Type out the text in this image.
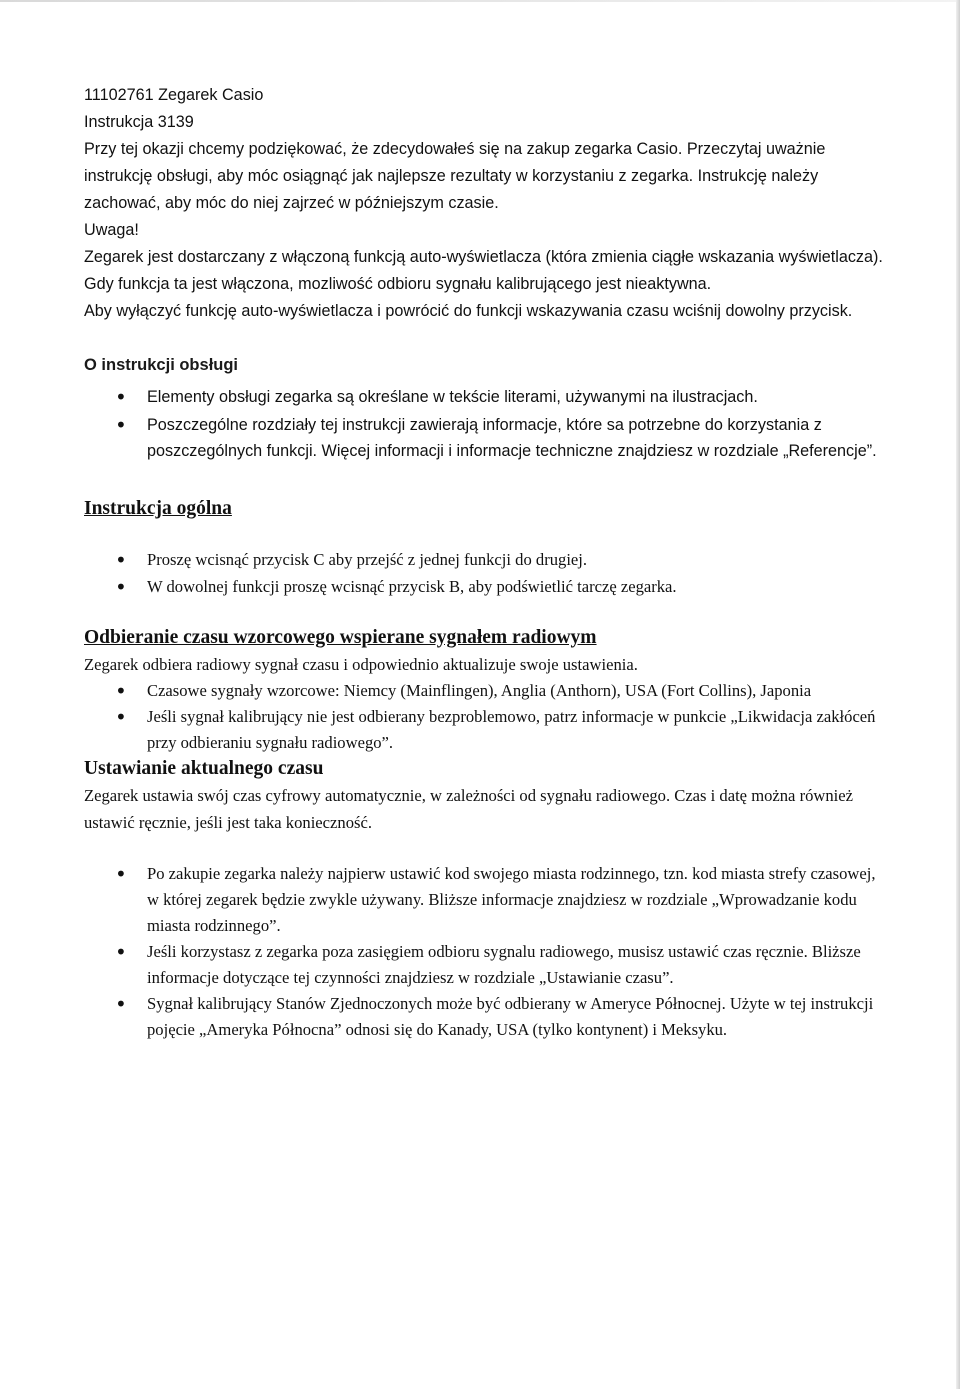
11102761 Zegarek Casio

Instrukcja 3139

Przy tej okazji chcemy podziękować, że zdecydowałeś się na zakup zegarka Casio. Przeczytaj uważnie instrukcję obsługi, aby móc osiągnąć jak najlepsze rezultaty w korzystaniu z zegarka. Instrukcję należy zachować, aby móc do niej zajrzeć w późniejszym czasie.

Uwaga!

Zegarek jest dostarczany z włączoną funkcją auto-wyświetlacza (która zmienia ciągłe wskazania wyświetlacza). Gdy funkcja ta jest włączona, mozliwość odbioru sygnału kalibrującego jest nieaktywna.

Aby wyłączyć funkcję auto-wyświetlacza i powrócić do funkcji wskazywania czasu wciśnij dowolny przycisk.

O instrukcji obsługi

• Elementy obsługi zegarka są określane w tekście literami, używanymi na ilustracjach.
• Poszczególne rozdziały tej instrukcji zawierają informacje, które sa potrzebne do korzystania z poszczególnych funkcji. Więcej informacji i informacje techniczne znajdziesz w rozdziale „Referencje”.

Instrukcja ogólna

• Proszę wcisnąć przycisk C aby przejść z jednej funkcji do drugiej.
• W dowolnej funkcji proszę wcisnąć przycisk B, aby podświetlić tarczę zegarka.

Odbieranie czasu wzorcowego wspierane sygnałem radiowym

Zegarek odbiera radiowy sygnał czasu i odpowiednio aktualizuje swoje ustawienia.

• Czasowe sygnały wzorcowe: Niemcy (Mainflingen), Anglia (Anthorn), USA (Fort Collins), Japonia
• Jeśli sygnał kalibrujący nie jest odbierany bezproblemowo, patrz informacje w punkcie „Likwidacja zakłóceń przy odbieraniu sygnału radiowego”.

Ustawianie aktualnego czasu

Zegarek ustawia swój czas cyfrowy automatycznie, w zależności od sygnału radiowego. Czas i datę można również ustawić ręcznie, jeśli jest taka konieczność.

• Po zakupie zegarka należy najpierw ustawić kod swojego miasta rodzinnego, tzn. kod miasta strefy czasowej, w której zegarek będzie zwykle używany. Bliższe informacje znajdziesz w rozdziale „Wprowadzanie kodu miasta rodzinnego”.
• Jeśli korzystasz z zegarka poza zasięgiem odbioru sygnalu radiowego, musisz ustawić czas ręcznie. Bliższe informacje dotyczące tej czynności znajdziesz w rozdziale „Ustawianie czasu”.
• Sygnał kalibrujący Stanów Zjednoczonych może być odbierany w Ameryce Północnej. Użyte w tej instrukcji pojęcie „Ameryka Północna” odnosi się do Kanady, USA (tylko kontynent) i Meksyku.
